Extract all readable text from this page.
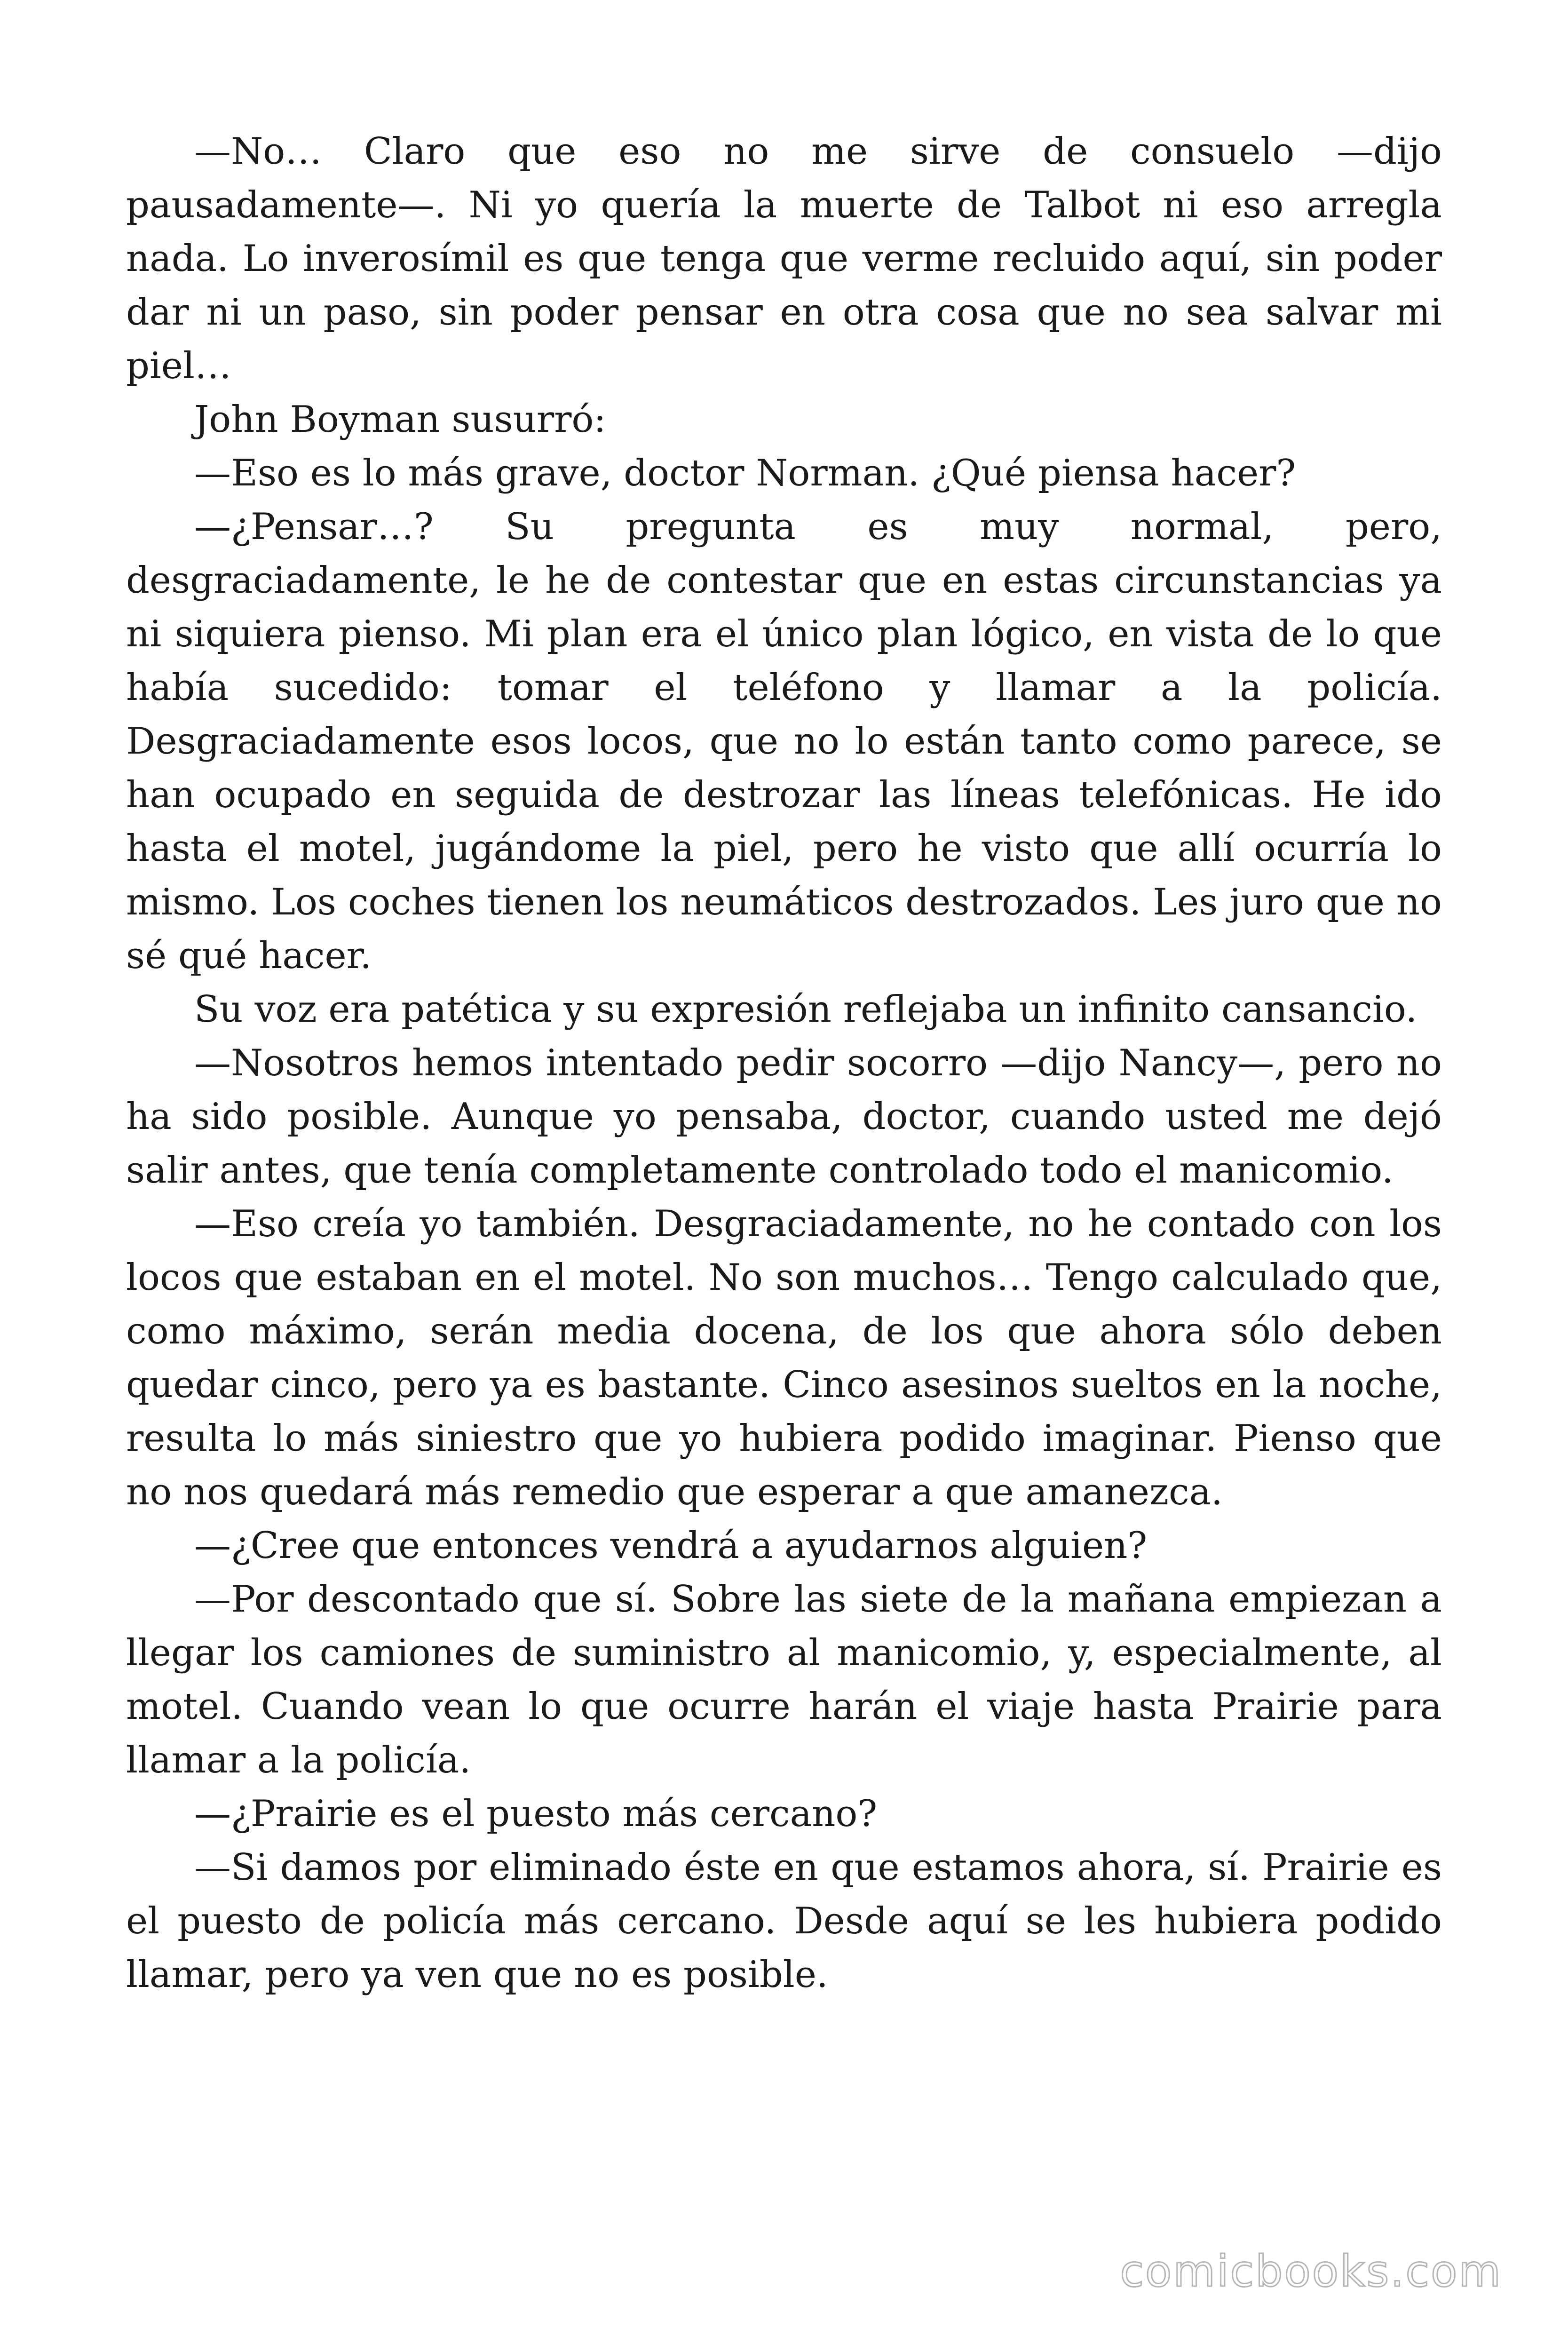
—No… Claro que eso no me sirve de consuelo —dijo pausadamente—. Ni yo quería la muerte de Talbot ni eso arregla nada. Lo inverosímil es que tenga que verme recluido aquí, sin poder dar ni un paso, sin poder pensar en otra cosa que no sea salvar mi piel…

John Boyman susurró:

—Eso es lo más grave, doctor Norman. ¿Qué piensa hacer?

—¿Pensar…? Su pregunta es muy normal, pero, desgraciadamente, le he de contestar que en estas circunstancias ya ni siquiera pienso. Mi plan era el único plan lógico, en vista de lo que había sucedido: tomar el teléfono y llamar a la policía. Desgraciadamente esos locos, que no lo están tanto como parece, se han ocupado en seguida de destrozar las líneas telefónicas. He ido hasta el motel, jugándome la piel, pero he visto que allí ocurría lo mismo. Los coches tienen los neumáticos destrozados. Les juro que no sé qué hacer.

Su voz era patética y su expresión reflejaba un infinito cansancio.

—Nosotros hemos intentado pedir socorro —dijo Nancy—, pero no ha sido posible. Aunque yo pensaba, doctor, cuando usted me dejó salir antes, que tenía completamente controlado todo el manicomio.

—Eso creía yo también. Desgraciadamente, no he contado con los locos que estaban en el motel. No son muchos… Tengo calculado que, como máximo, serán media docena, de los que ahora sólo deben quedar cinco, pero ya es bastante. Cinco asesinos sueltos en la noche, resulta lo más siniestro que yo hubiera podido imaginar. Pienso que no nos quedará más remedio que esperar a que amanezca.

—¿Cree que entonces vendrá a ayudarnos alguien?

—Por descontado que sí. Sobre las siete de la mañana empiezan a llegar los camiones de suministro al manicomio, y, especialmente, al motel. Cuando vean lo que ocurre harán el viaje hasta Prairie para llamar a la policía.

—¿Prairie es el puesto más cercano?

—Si damos por eliminado éste en que estamos ahora, sí. Prairie es el puesto de policía más cercano. Desde aquí se les hubiera podido llamar, pero ya ven que no es posible.

comicbooks.com
